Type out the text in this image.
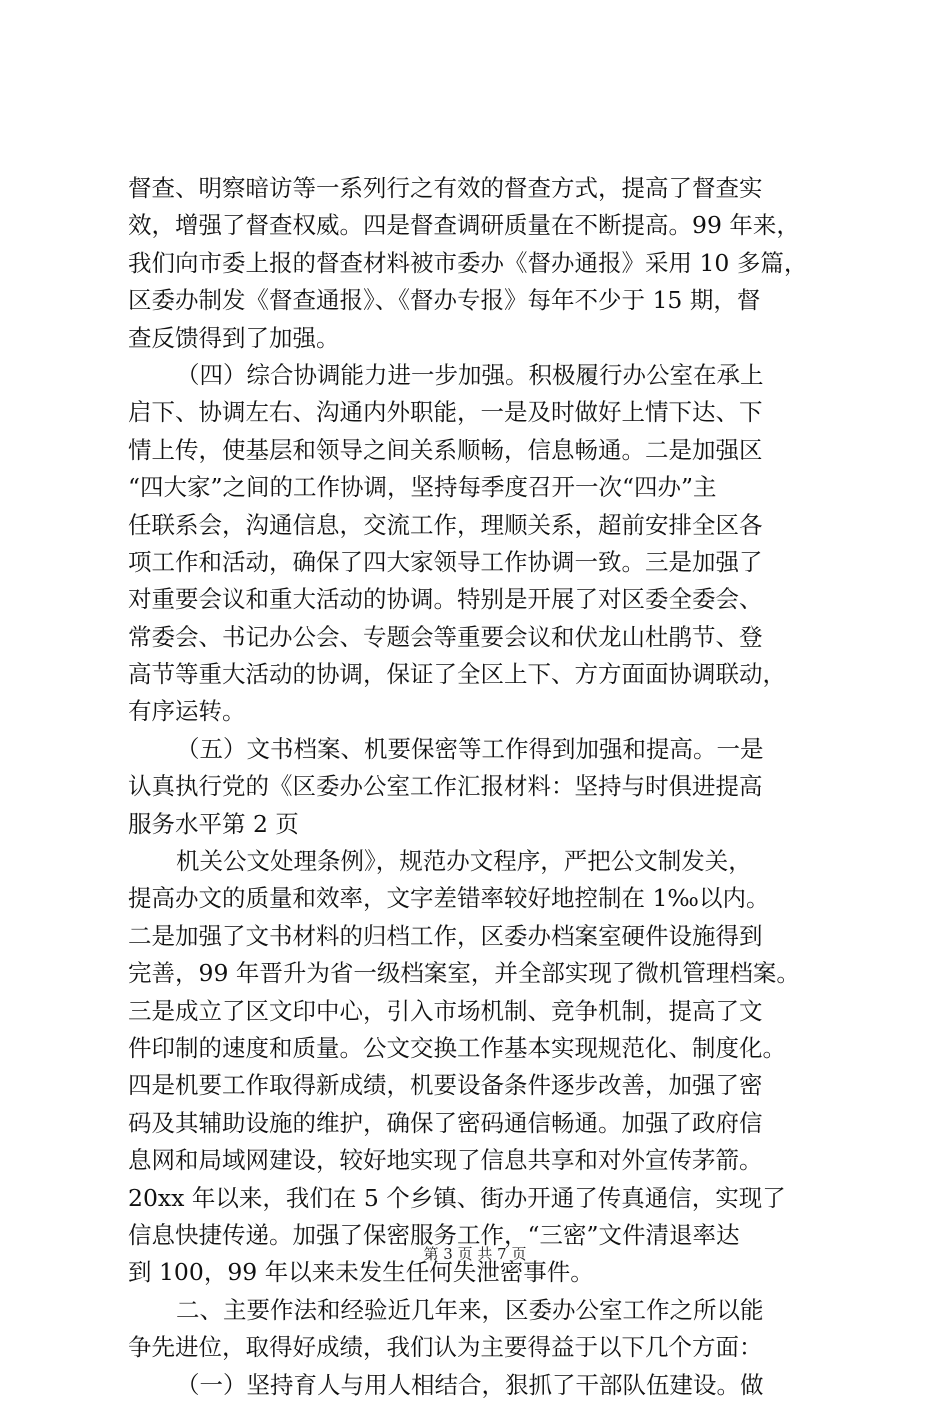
督查、明察暗访等一系列行之有效的督查方式，提高了督查实
效，增强了督查权威。四是督查调研质量在不断提高。99 年来，
我们向市委上报的督查材料被市委办《督办通报》采用 10 多篇，
区委办制发《督查通报》、《督办专报》每年不少于 15 期，督
查反馈得到了加强。
（四）综合协调能力进一步加强。积极履行办公室在承上
启下、协调左右、沟通内外职能，一是及时做好上情下达、下
情上传，使基层和领导之间关系顺畅，信息畅通。二是加强区
“四大家”之间的工作协调，坚持每季度召开一次“四办”主
任联系会，沟通信息，交流工作，理顺关系，超前安排全区各
项工作和活动，确保了四大家领导工作协调一致。三是加强了
对重要会议和重大活动的协调。特别是开展了对区委全委会、
常委会、书记办公会、专题会等重要会议和伏龙山杜鹃节、登
高节等重大活动的协调，保证了全区上下、方方面面协调联动，
有序运转。
（五）文书档案、机要保密等工作得到加强和提高。一是
认真执行党的《区委办公室工作汇报材料：坚持与时俱进提高
服务水平第 2 页
机关公文处理条例》，规范办文程序，严把公文制发关，
提高办文的质量和效率，文字差错率较好地控制在 1‰以内。
二是加强了文书材料的归档工作，区委办档案室硬件设施得到
完善，99 年晋升为省一级档案室，并全部实现了微机管理档案。
三是成立了区文印中心，引入市场机制、竞争机制，提高了文
件印制的速度和质量。公文交换工作基本实现规范化、制度化。
四是机要工作取得新成绩，机要设备条件逐步改善，加强了密
码及其辅助设施的维护，确保了密码通信畅通。加强了政府信
息网和局域网建设，较好地实现了信息共享和对外宣传茅箭。
20xx 年以来，我们在 5 个乡镇、街办开通了传真通信，实现了
信息快捷传递。加强了保密服务工作，“三密”文件清退率达
到 100，99 年以来未发生任何失泄密事件。
二、主要作法和经验近几年来，区委办公室工作之所以能
争先进位，取得好成绩，我们认为主要得益于以下几个方面：
（一）坚持育人与用人相结合，狠抓了干部队伍建设。做
第 3 页 共 7 页
